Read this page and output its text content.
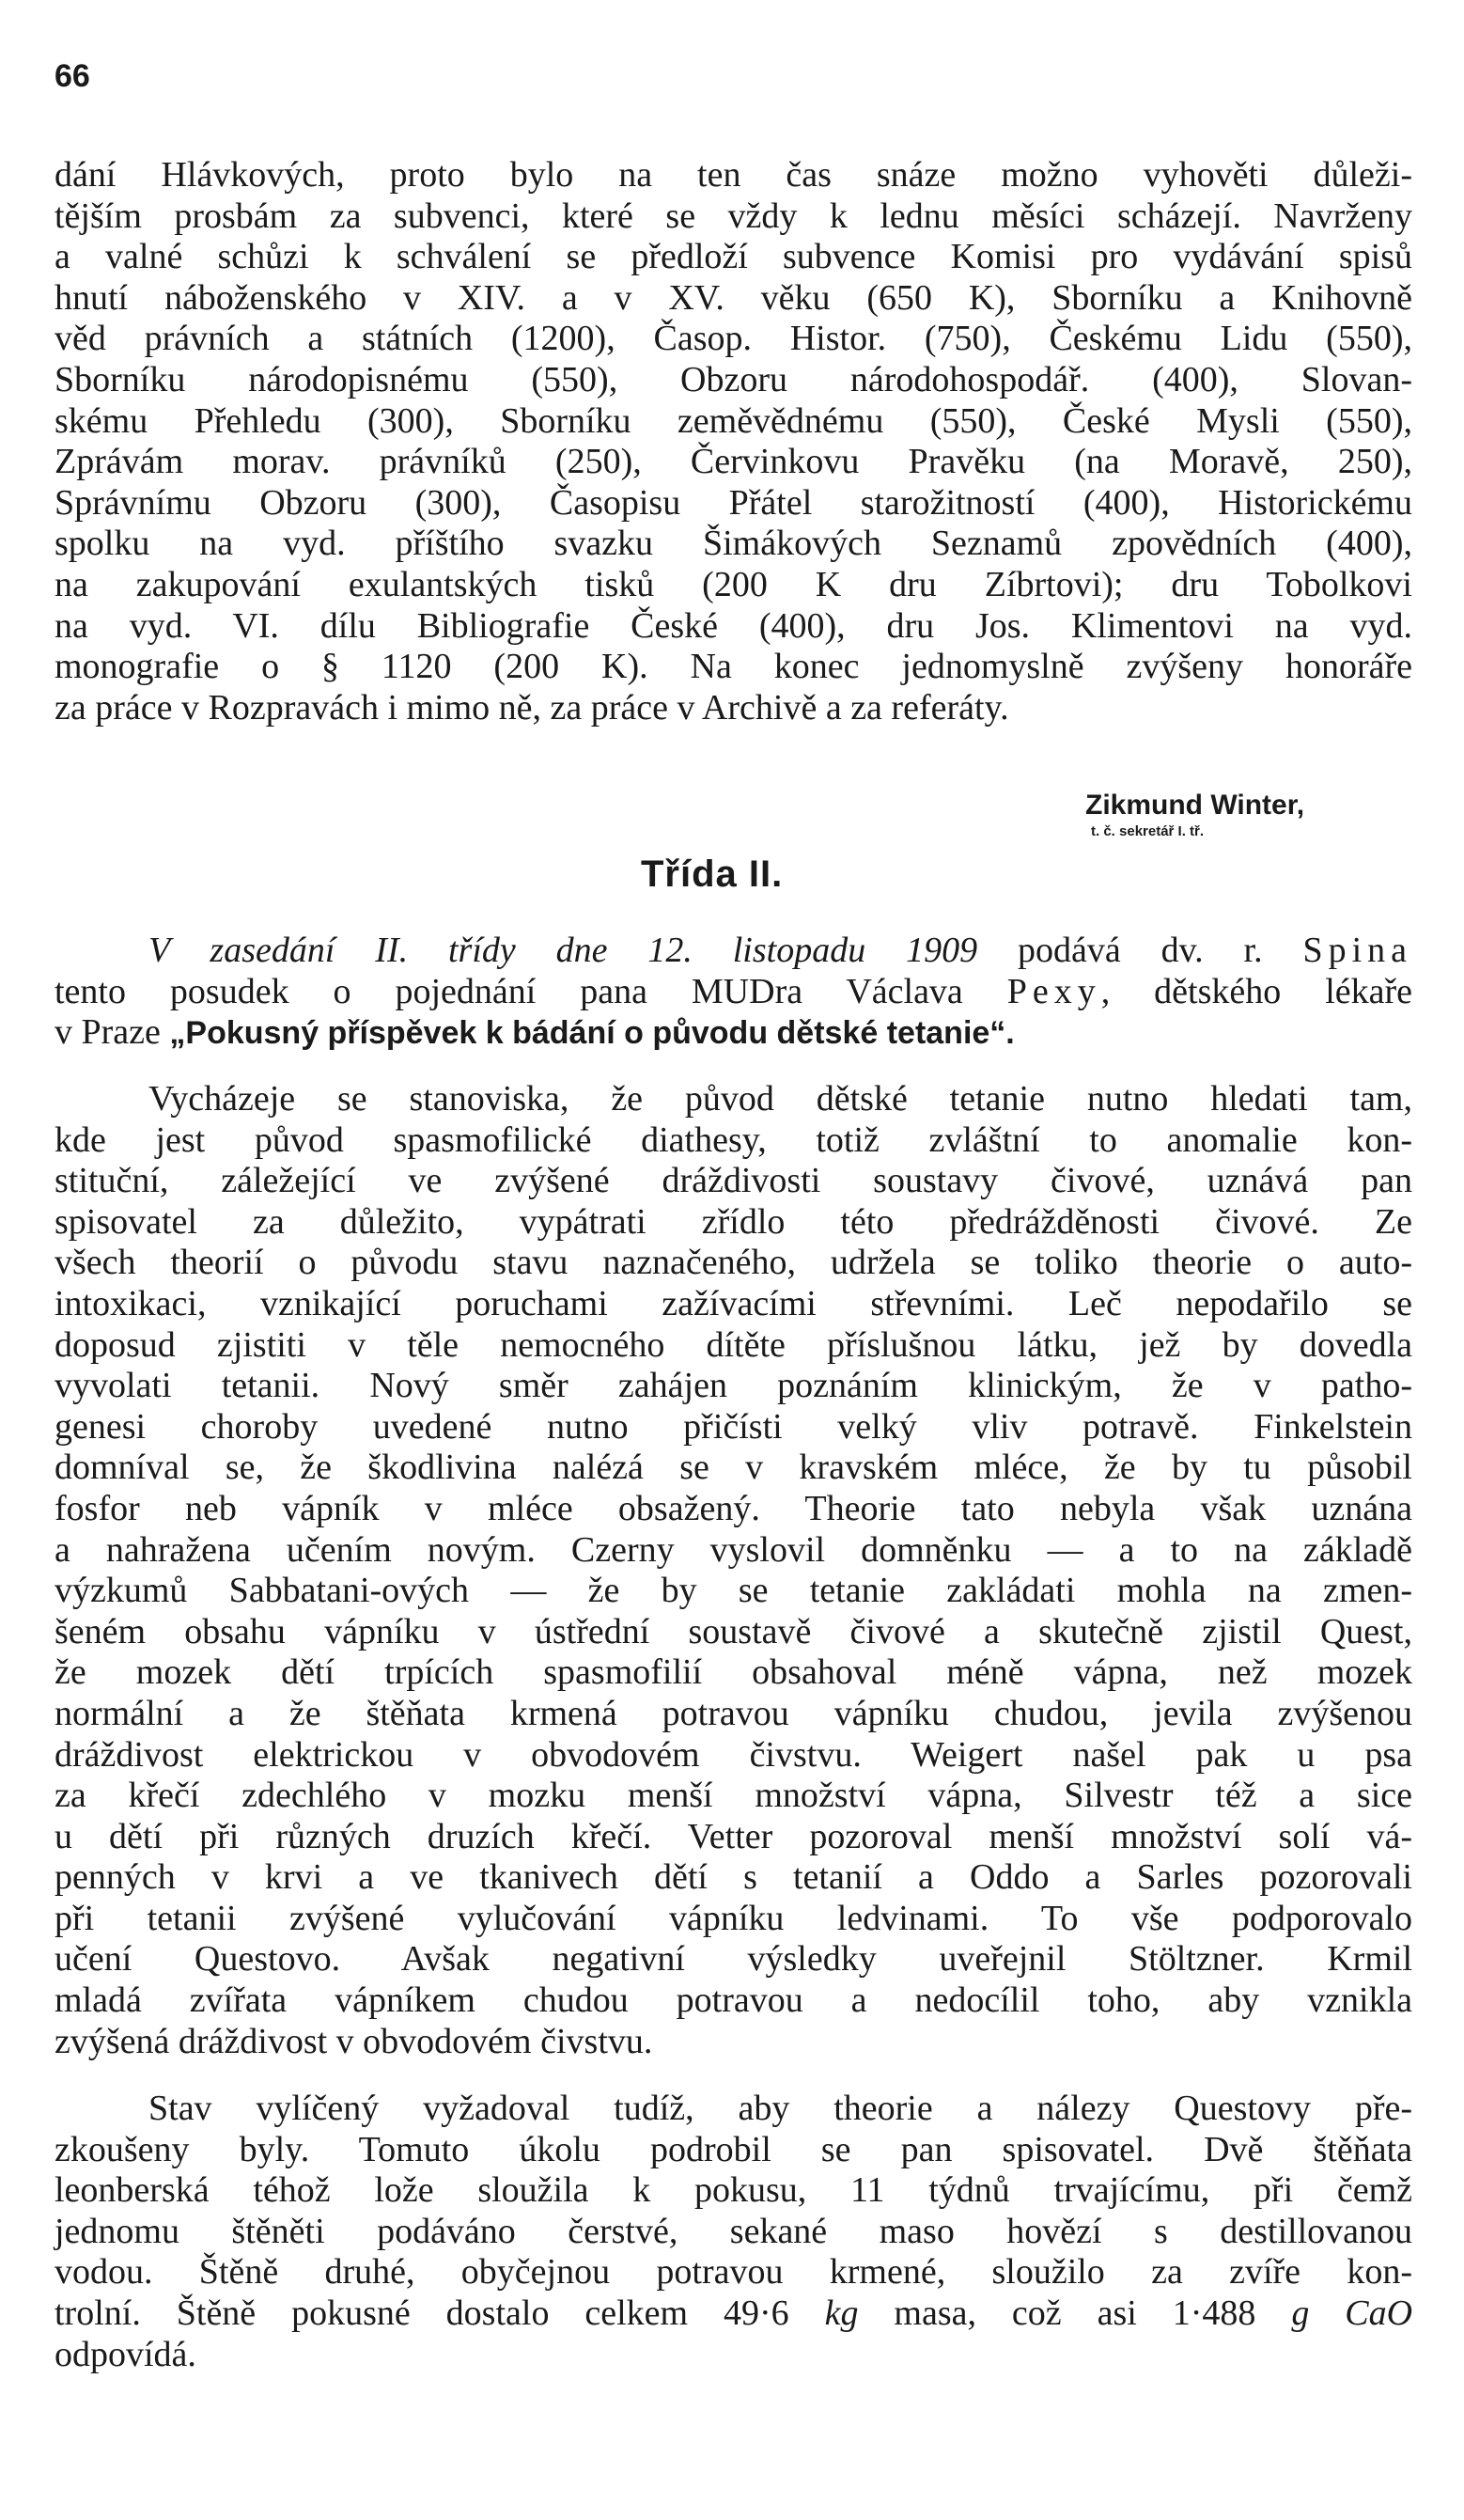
66
dání Hlávkových, proto bylo na ten čas snáze možno vyhověti důleži-
tějším prosbám za subvenci, které se vždy k lednu měsíci scházejí. Navrženy
a valné schůzi k schválení se předloží subvence Komisi pro vydávání spisů
hnutí náboženského v XIV. a v XV. věku (650 K), Sborníku a Knihovně
věd právních a státních (1200), Časop. Histor. (750), Českému Lidu (550),
Sborníku národopisnému (550), Obzoru národohospodář. (400), Slovan-
skému Přehledu (300), Sborníku zeměvědnému (550), České Mysli (550),
Zprávám morav. právníků (250), Červinkovu Pravěku (na Moravě, 250),
Správnímu Obzoru (300), Časopisu Přátel starožitností (400), Historickému
spolku na vyd. příštího svazku Šimákových Seznamů zpovědních (400),
na zakupování exulantských tisků (200 K dru Zíbrtovi); dru Tobolkovi
na vyd. VI. dílu Bibliografie České (400), dru Jos. Klimentovi na vyd.
monografie o § 1120 (200 K). Na konec jednomyslně zvýšeny honoráře
za práce v Rozpravách i mimo ně, za práce v Archivě a za referáty.
Zikmund Winter,
t. č. sekretář I. tř.
Třída II.
V zasedání II. třídy dne 12. listopadu 1909 podává dv. r. Spina
tento posudek o pojednání pana MUDra Václava Pexy, dětského lékaře
v Praze „Pokusný příspěvek k bádání o původu dětské tetanie“.
Vycházeje se stanoviska, že původ dětské tetanie nutno hledati tam,
kde jest původ spasmofilické diathesy, totiž zvláštní to anomalie kon-
stituční, záležející ve zvýšené dráždivosti soustavy čivové, uznává pan
spisovatel za důležito, vypátrati zřídlo této předrážděnosti čivové. Ze
všech theorií o původu stavu naznačeného, udržela se toliko theorie o auto-
intoxikaci, vznikající poruchami zažívacími střevními. Leč nepodařilo se
doposud zjistiti v těle nemocného dítěte příslušnou látku, jež by dovedla
vyvolati tetanii. Nový směr zahájen poznáním klinickým, že v patho-
genesi choroby uvedené nutno přičísti velký vliv potravě. Finkelstein
domníval se, že škodlivina nalézá se v kravském mléce, že by tu působil
fosfor neb vápník v mléce obsažený. Theorie tato nebyla však uznána
a nahražena učením novým. Czerny vyslovil domněnku — a to na základě
výzkumů Sabbatani-ových — že by se tetanie zakládati mohla na zmen-
šeném obsahu vápníku v ústřední soustavě čivové a skutečně zjistil Quest,
že mozek dětí trpících spasmofilií obsahoval méně vápna, než mozek
normální a že štěňata krmená potravou vápníku chudou, jevila zvýšenou
dráždivost elektrickou v obvodovém čivstvu. Weigert našel pak u psa
za křečí zdechlého v mozku menší množství vápna, Silvestr též a sice
u dětí při různých druzích křečí. Vetter pozoroval menší množství solí vá-
penných v krvi a ve tkanivech dětí s tetanií a Oddo a Sarles pozorovali
při tetanii zvýšené vylučování vápníku ledvinami. To vše podporovalo
učení Questovo. Avšak negativní výsledky uveřejnil Stöltzner. Krmil
mladá zvířata vápníkem chudou potravou a nedocílil toho, aby vznikla
zvýšená dráždivost v obvodovém čivstvu.
Stav vylíčený vyžadoval tudíž, aby theorie a nálezy Questovy pře-
zkoušeny byly. Tomuto úkolu podrobil se pan spisovatel. Dvě štěňata
leonberská téhož lože sloužila k pokusu, 11 týdnů trvajícímu, při čemž
jednomu štěněti podáváno čerstvé, sekané maso hovězí s destillovanou
vodou. Štěně druhé, obyčejnou potravou krmené, sloužilo za zvíře kon-
trolní. Štěně pokusné dostalo celkem 49·6 kg masa, což asi 1·488 g CaO
odpovídá.
